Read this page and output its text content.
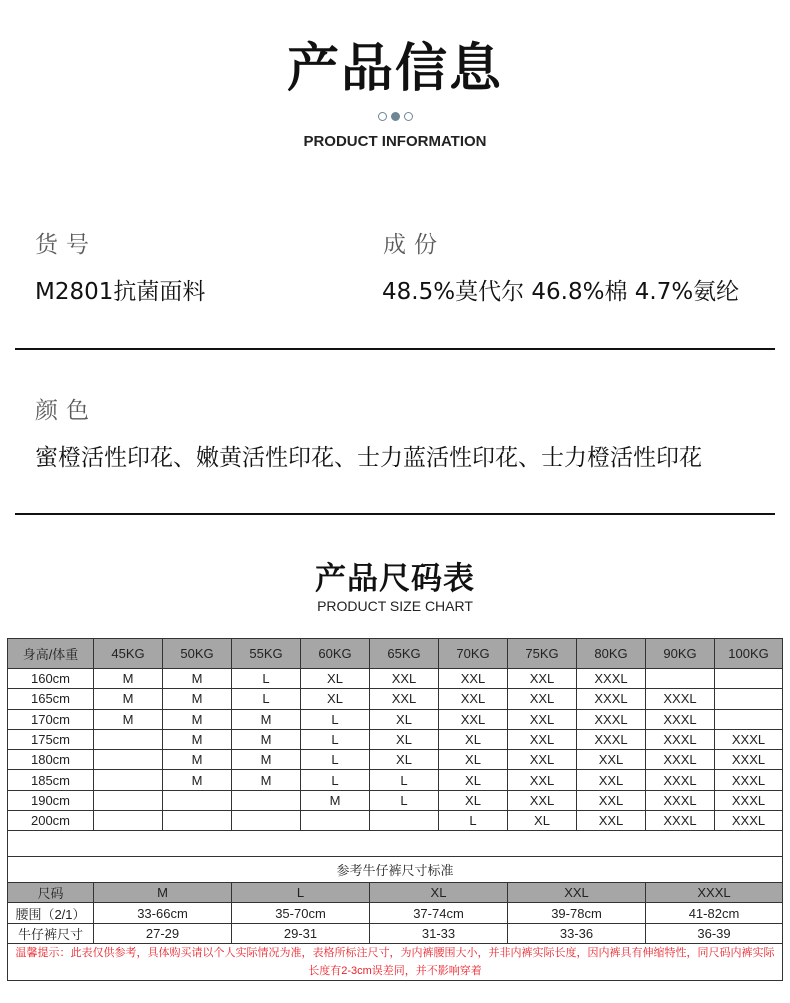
产品信息
PRODUCT INFORMATION
货号
M2801抗菌面料
成份
48.5%莫代尔 46.8%棉 4.7%氨纶
颜色
蜜橙活性印花、嫩黄活性印花、士力蓝活性印花、士力橙活性印花
产品尺码表
PRODUCT SIZE CHART
身高/体重	45KG	50KG	55KG	60KG	65KG	70KG	75KG	80KG	90KG	100KG
160cm	M	M	L	XL	XXL	XXL	XXL	XXXL		
165cm	M	M	L	XL	XXL	XXL	XXL	XXXL	XXXL	
170cm	M	M	M	L	XL	XXL	XXL	XXXL	XXXL	
175cm		M	M	L	XL	XL	XXL	XXXL	XXXL	XXXL
180cm		M	M	L	XL	XL	XXL	XXL	XXXL	XXXL
185cm		M	M	L	L	XL	XXL	XXL	XXXL	XXXL
190cm				M	L	XL	XXL	XXL	XXXL	XXXL
200cm						L	XL	XXL	XXXL	XXXL

参考牛仔裤尺寸标准										
尺码	M		L		XL		XXL		XXXL	
腰围（2/1）	33-66cm		35-70cm		37-74cm		39-78cm		41-82cm	
牛仔裤尺寸	27-29		29-31		31-33		33-36		36-39	
温馨提示：此表仅供参考，具体购买请以个人实际情况为准，表格所标注尺寸，为内裤腰围大小，并非内裤实际长度，因内裤具有伸缩特性，同尺码内裤实际长度有2-3cm误差同，并不影响穿着										
